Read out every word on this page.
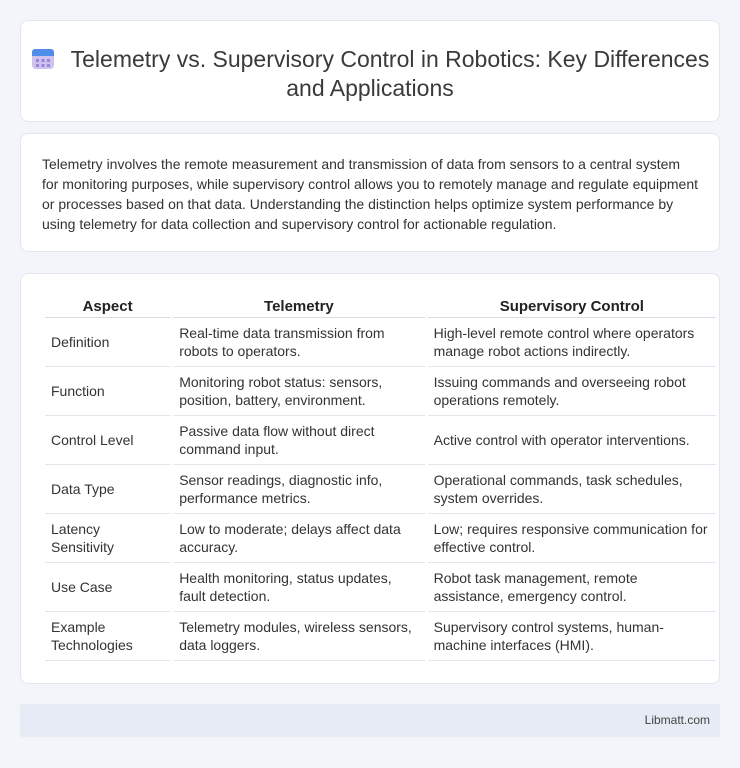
Telemetry vs. Supervisory Control in Robotics: Key Differences and Applications

Telemetry involves the remote measurement and transmission of data from sensors to a central system for monitoring purposes, while supervisory control allows you to remotely manage and regulate equipment or processes based on that data. Understanding the distinction helps optimize system performance by using telemetry for data collection and supervisory control for actionable regulation.

Aspect	Telemetry	Supervisory Control
Definition	Real-time data transmission from robots to operators.	High-level remote control where operators manage robot actions indirectly.
Function	Monitoring robot status: sensors, position, battery, environment.	Issuing commands and overseeing robot operations remotely.
Control Level	Passive data flow without direct command input.	Active control with operator interventions.
Data Type	Sensor readings, diagnostic info, performance metrics.	Operational commands, task schedules, system overrides.
Latency Sensitivity	Low to moderate; delays affect data accuracy.	Low; requires responsive communication for effective control.
Use Case	Health monitoring, status updates, fault detection.	Robot task management, remote assistance, emergency control.
Example Technologies	Telemetry modules, wireless sensors, data loggers.	Supervisory control systems, human-machine interfaces (HMI).
Libmatt.com
